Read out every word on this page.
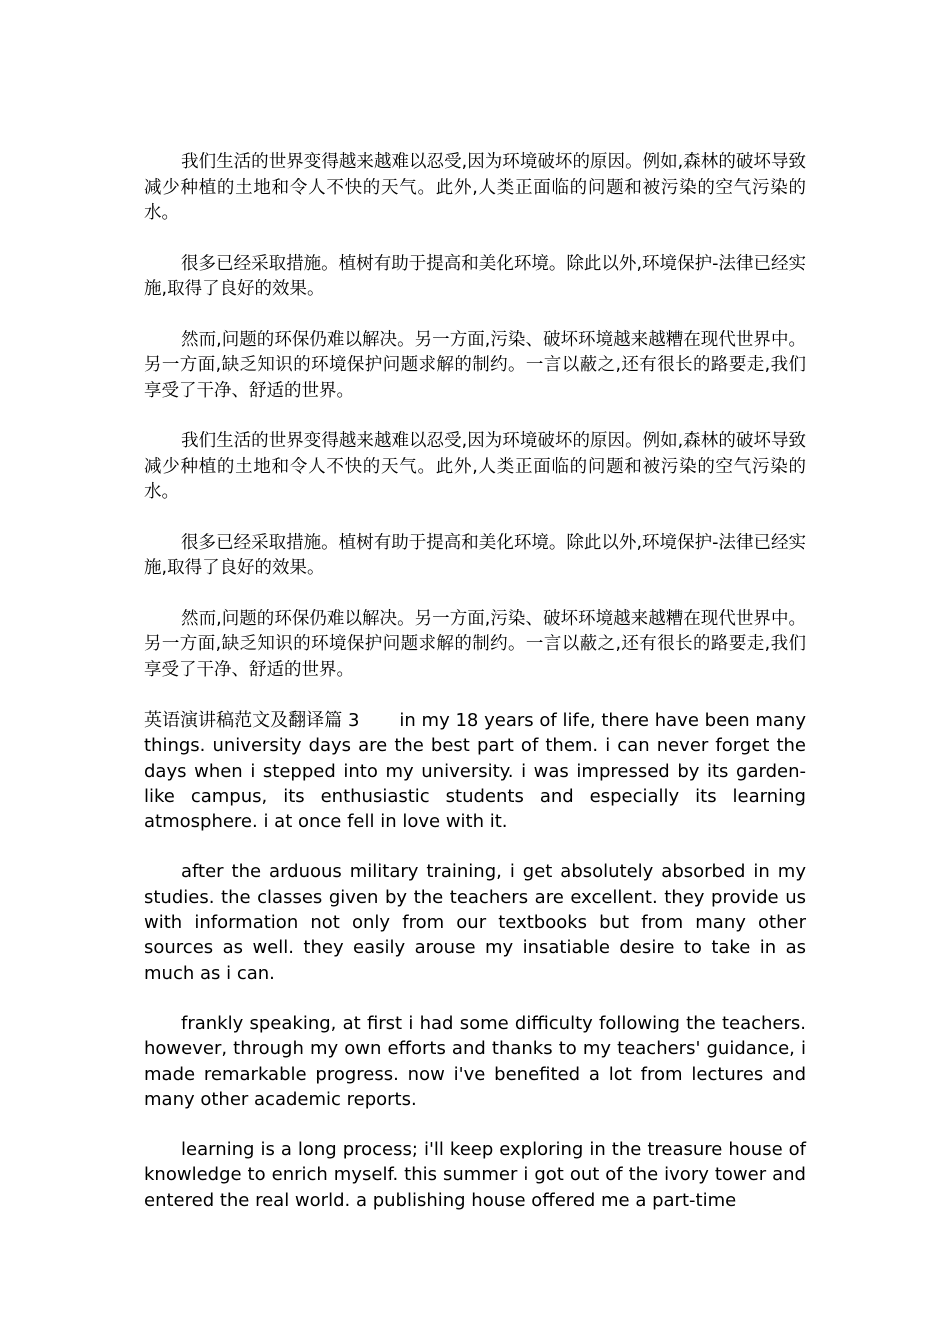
我们生活的世界变得越来越难以忍受,因为环境破坏的原因。例如,森林的破坏导致减少种植的土地和令人不快的天气。此外,人类正面临的问题和被污染的空气污染的水。

很多已经采取措施。植树有助于提高和美化环境。除此以外,环境保护-法律已经实施,取得了良好的效果。

然而,问题的环保仍难以解决。另一方面,污染、破坏环境越来越糟在现代世界中。另一方面,缺乏知识的环境保护问题求解的制约。一言以蔽之,还有很长的路要走,我们享受了干净、舒适的世界。

我们生活的世界变得越来越难以忍受,因为环境破坏的原因。例如,森林的破坏导致减少种植的土地和令人不快的天气。此外,人类正面临的问题和被污染的空气污染的水。

很多已经采取措施。植树有助于提高和美化环境。除此以外,环境保护-法律已经实施,取得了良好的效果。

然而,问题的环保仍难以解决。另一方面,污染、破坏环境越来越糟在现代世界中。另一方面,缺乏知识的环境保护问题求解的制约。一言以蔽之,还有很长的路要走,我们享受了干净、舒适的世界。

英语演讲稿范文及翻译篇 3 in my 18 years of life, there have been many things. university days are the best part of them. i can never forget the days when i stepped into my university. i was impressed by its garden-like campus, its enthusiastic students and especially its learning atmosphere. i at once fell in love with it.

after the arduous military training, i get absolutely absorbed in my studies. the classes given by the teachers are excellent. they provide us with information not only from our textbooks but from many other sources as well. they easily arouse my insatiable desire to take in as much as i can.

frankly speaking, at first i had some difficulty following the teachers. however, through my own efforts and thanks to my teachers' guidance, i made remarkable progress. now i've benefited a lot from lectures and many other academic reports.

learning is a long process; i'll keep exploring in the treasure house of knowledge to enrich myself. this summer i got out of the ivory tower and entered the real world. a publishing house offered me a part-time
